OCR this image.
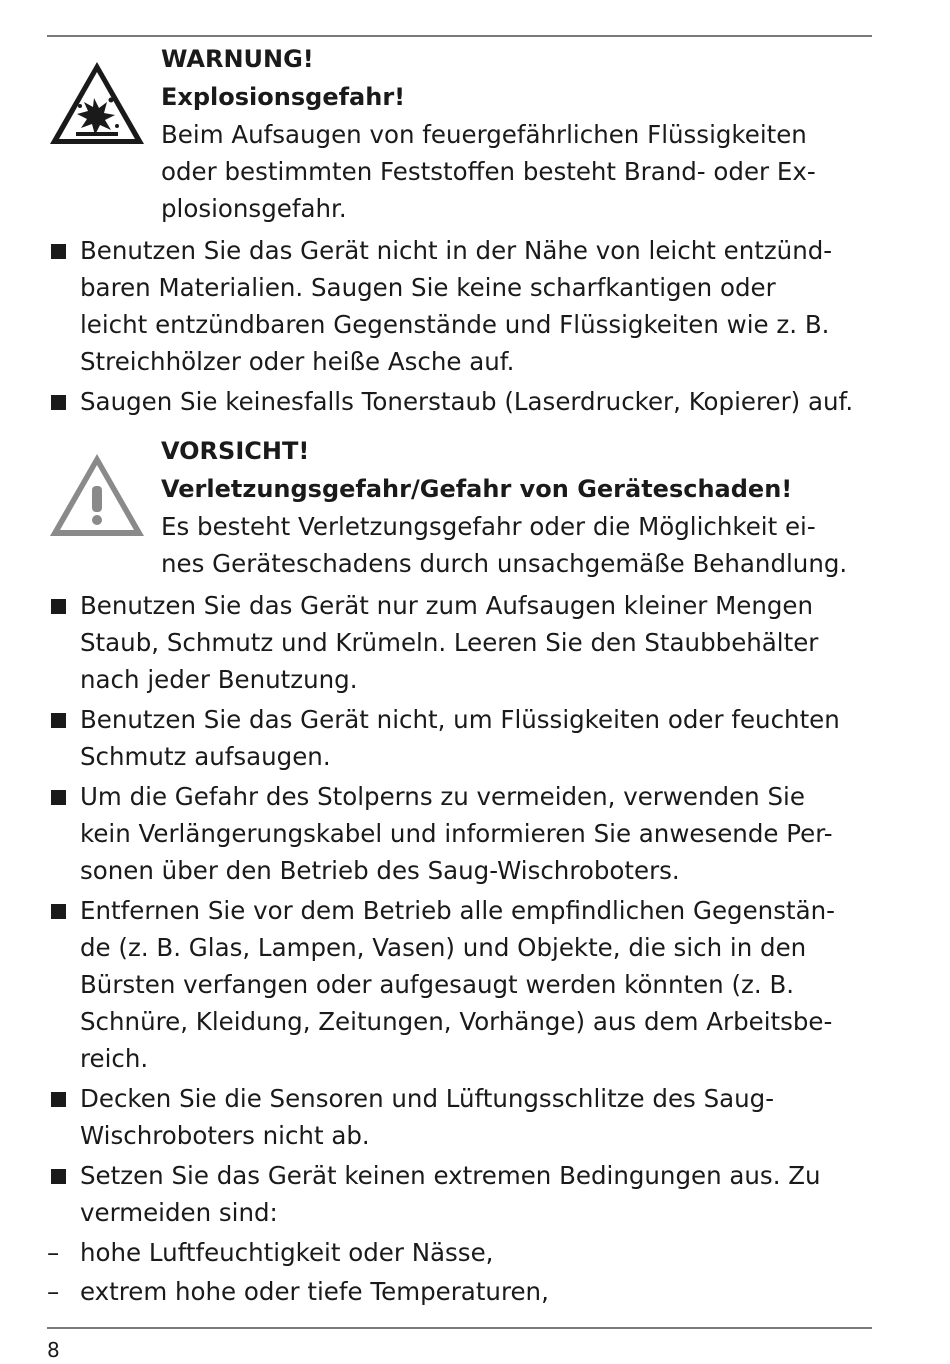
WARNUNG!

Explosionsgefahr!

Beim Aufsaugen von feuergefährlichen Flüssigkeiten
oder bestimmten Feststoffen besteht Brand- oder Ex-
plosionsgefahr.
Benutzen Sie das Gerät nicht in der Nähe von leicht entzünd-
baren Materialien. Saugen Sie keine scharfkantigen oder
leicht entzündbaren Gegenstände und Flüssigkeiten wie z. B.
Streichhölzer oder heiße Asche auf.
Saugen Sie keinesfalls Tonerstaub (Laserdrucker, Kopierer) auf.

VORSICHT!

Verletzungsgefahr/Gefahr von Geräteschaden!

Es besteht Verletzungsgefahr oder die Möglichkeit ei-
nes Geräteschadens durch unsachgemäße Behandlung.
Benutzen Sie das Gerät nur zum Aufsaugen kleiner Mengen
Staub, Schmutz und Krümeln. Leeren Sie den Staubbehälter
nach jeder Benutzung.
Benutzen Sie das Gerät nicht, um Flüssigkeiten oder feuchten
Schmutz aufsaugen.
Um die Gefahr des Stolperns zu vermeiden, verwenden Sie
kein Verlängerungskabel und informieren Sie anwesende Per-
sonen über den Betrieb des Saug-Wischroboters.
Entfernen Sie vor dem Betrieb alle empfindlichen Gegenstän-
de (z. B. Glas, Lampen, Vasen) und Objekte, die sich in den
Bürsten verfangen oder aufgesaugt werden könnten (z. B.
Schnüre, Kleidung, Zeitungen, Vorhänge) aus dem Arbeitsbe-
reich.
Decken Sie die Sensoren und Lüftungsschlitze des Saug-
Wischroboters nicht ab.
Setzen Sie das Gerät keinen extremen Bedingungen aus. Zu
vermeiden sind:
– hohe Luftfeuchtigkeit oder Nässe,
– extrem hohe oder tiefe Temperaturen,
8
